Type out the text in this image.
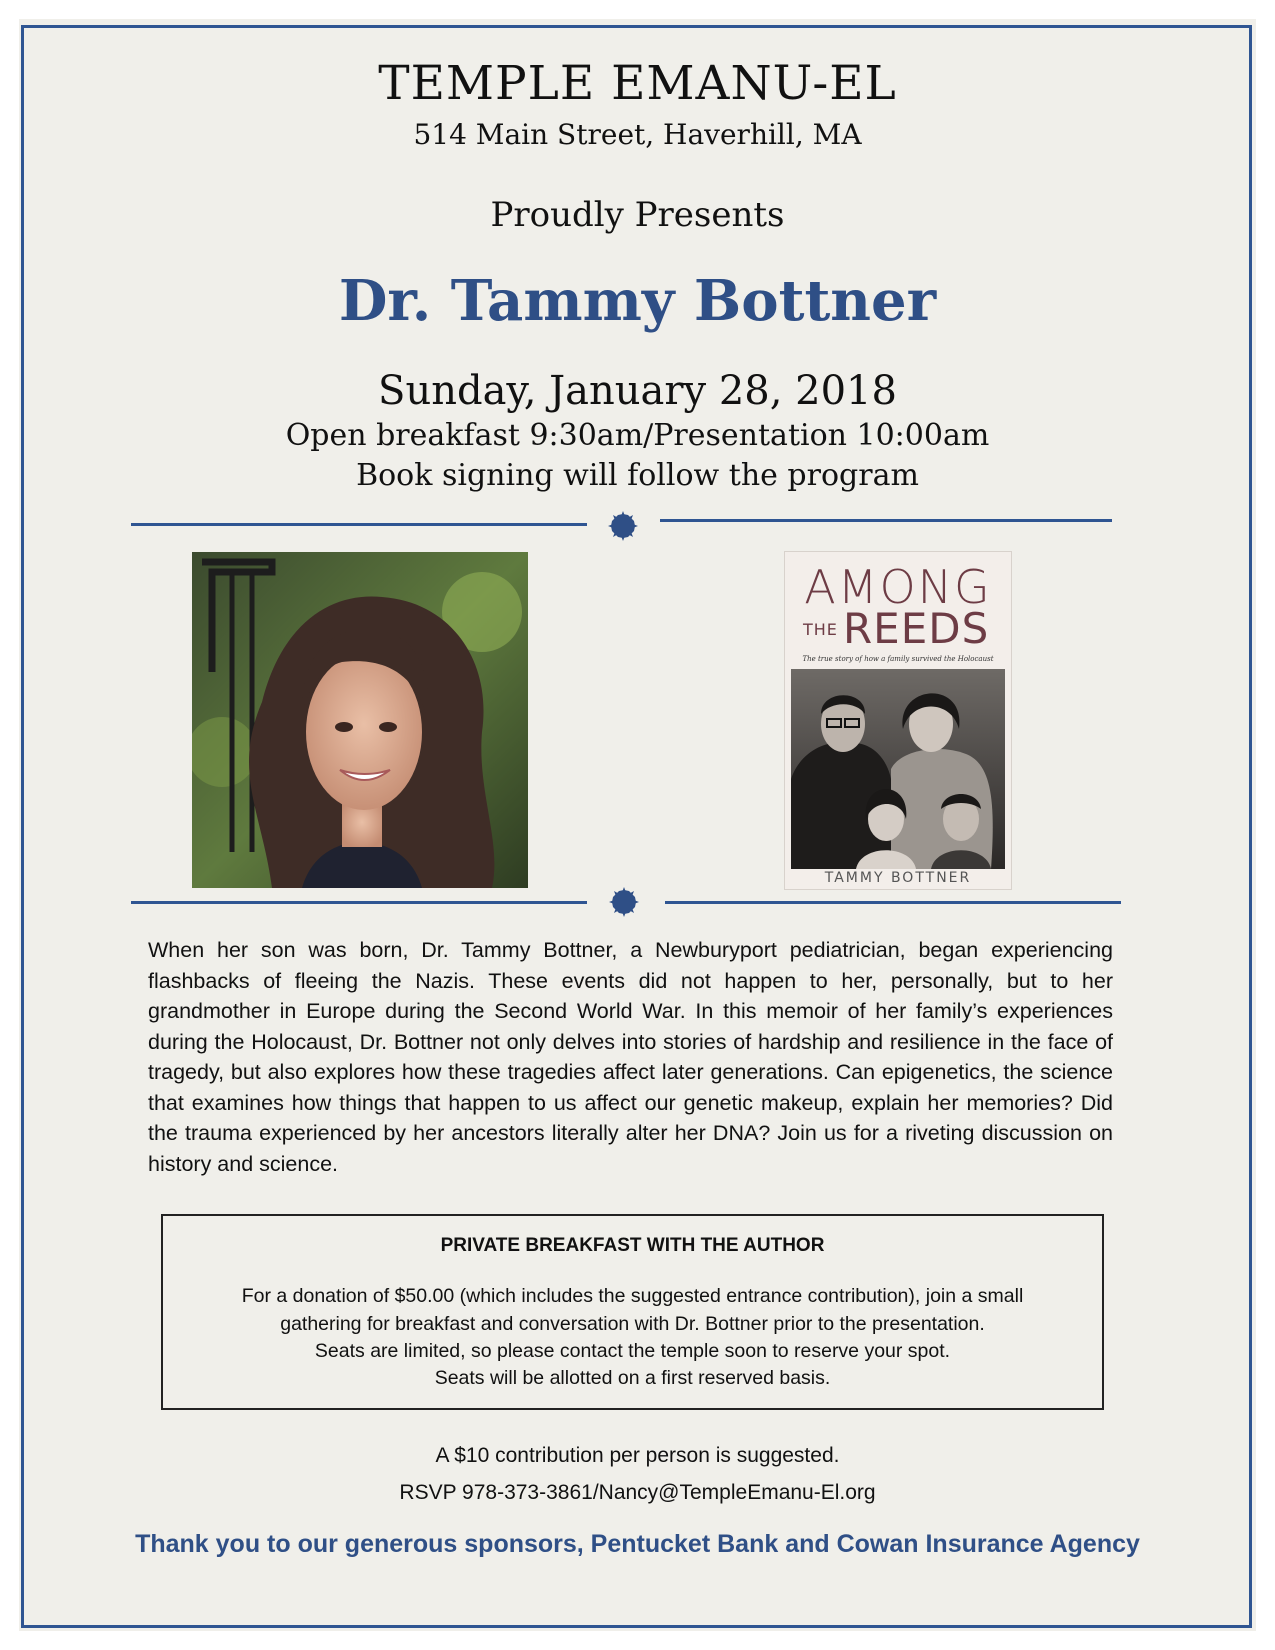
TEMPLE EMANU-EL
514 Main Street, Haverhill, MA
Proudly Presents
Dr. Tammy Bottner
Sunday, January 28, 2018
Open breakfast 9:30am/Presentation 10:00am
Book signing will follow the program
AMONG
THE REEDS
The true story of how a family survived the Holocaust
TAMMY BOTTNER
When her son was born, Dr. Tammy Bottner, a Newburyport pediatrician, began experiencing flashbacks of fleeing the Nazis. These events did not happen to her, personally, but to her grandmother in Europe during the Second World War. In this memoir of her family’s experiences during the Holocaust, Dr. Bottner not only delves into stories of hardship and resilience in the face of tragedy, but also explores how these tragedies affect later generations. Can epigenetics, the science that examines how things that happen to us affect our genetic makeup, explain her memories? Did the trauma experienced by her ancestors literally alter her DNA? Join us for a riveting discussion on history and science.
PRIVATE BREAKFAST WITH THE AUTHOR
For a donation of $50.00 (which includes the suggested entrance contribution), join a small
gathering for breakfast and conversation with Dr. Bottner prior to the presentation.
Seats are limited, so please contact the temple soon to reserve your spot.
Seats will be allotted on a first reserved basis.
A $10 contribution per person is suggested.
RSVP 978-373-3861/Nancy@TempleEmanu-El.org
Thank you to our generous sponsors, Pentucket Bank and Cowan Insurance Agency
